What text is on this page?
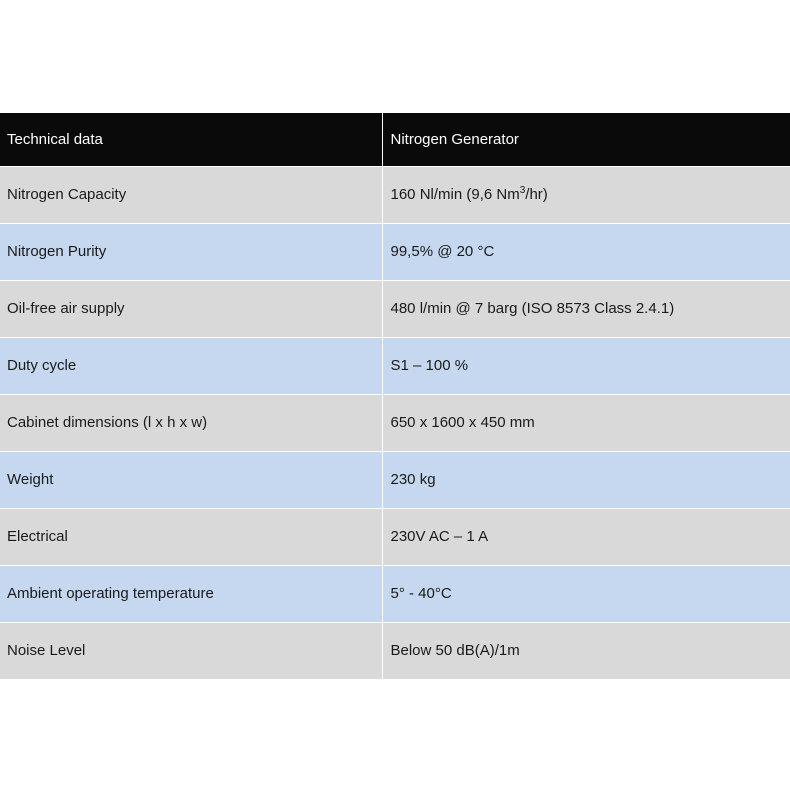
Technical data	Nitrogen Generator
Nitrogen Capacity	160 Nl/min (9,6 Nm$^3$/hr)
Nitrogen Purity	99,5% @ 20 °C
Oil-free air supply	480 l/min @ 7 barg (ISO 8573 Class 2.4.1)
Duty cycle	S1 – 100 %
Cabinet dimensions (l x h x w)	650 x 1600 x 450 mm
Weight	230 kg
Electrical	230V AC – 1 A
Ambient operating temperature	5° - 40°C
Noise Level	Below 50 dB(A)/1m
